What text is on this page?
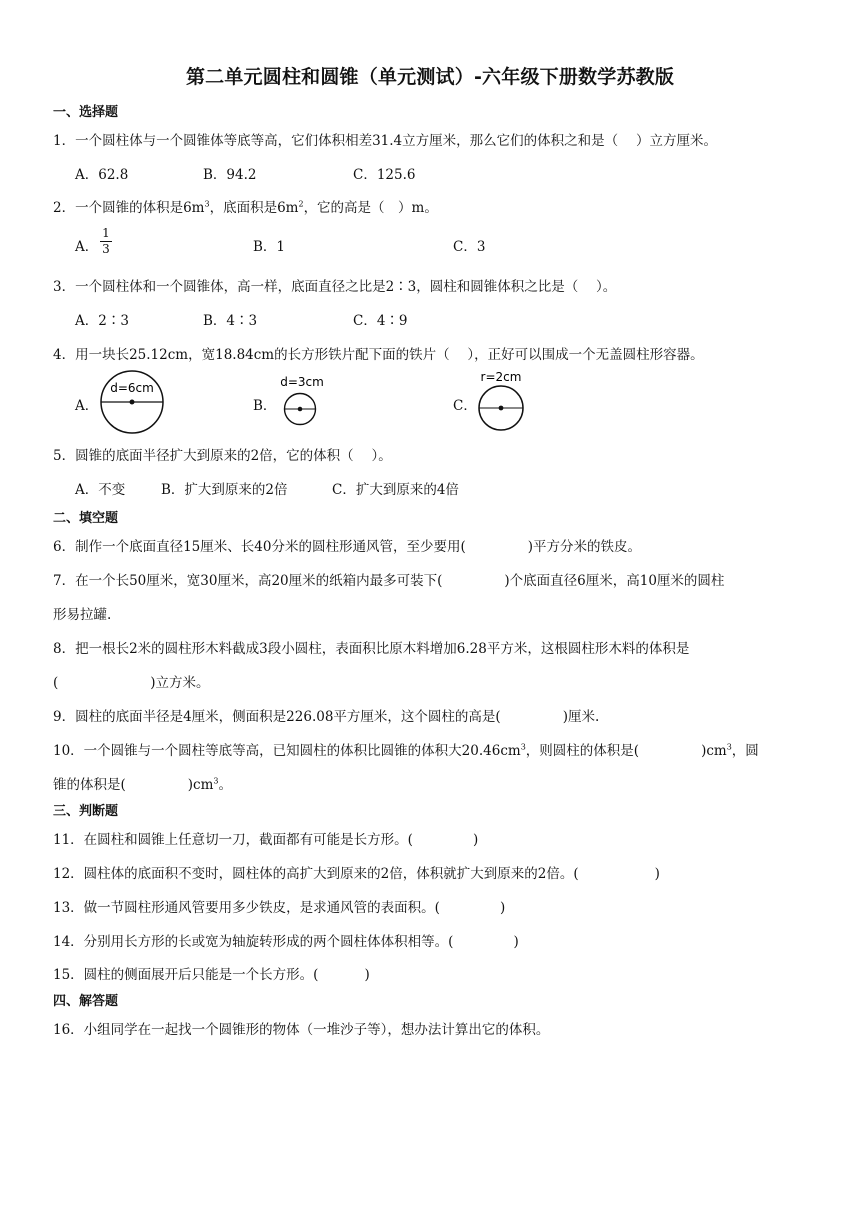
第二单元圆柱和圆锥（单元测试）-六年级下册数学苏教版
一、选择题
1．一个圆柱体与一个圆锥体等底等高，它们体积相差31.4立方厘米，那么它们的体积之和是（　 ）立方厘米。
A．62.8	B．94.2	C．125.6
2．一个圆锥的体积是$6m^3$，底面积是$6m^2$，它的高是（　）m。
A． $\frac{1}{3}$	B．1	C．3
3．一个圆柱体和一个圆锥体，高一样，底面直径之比是2∶3，圆柱和圆锥体积之比是（　 ）。
A．2∶3	B．4∶3	C．4∶9
4．用一块长25.12cm，宽18.84cm的长方形铁片配下面的铁片（　 ），正好可以围成一个无盖圆柱形容器。
A．
d=6cm
B．
d=3cm
C．
r=2cm
5．圆锥的底面半径扩大到原来的2倍，它的体积（　 ）。
A．不变	B．扩大到原来的2倍	C．扩大到原来的4倍
二、填空题
6．制作一个底面直径15厘米、长40分米的圆柱形通风管，至少要用(	)平方分米的铁皮。
7．在一个长50厘米，宽30厘米，高20厘米的纸箱内最多可装下(	)个底面直径6厘米，高10厘米的圆柱
形易拉罐.
8．把一根长2米的圆柱形木料截成3段小圆柱，表面积比原木料增加6.28平方米，这根圆柱形木料的体积是
(	)立方米。
9．圆柱的底面半径是4厘米，侧面积是226.08平方厘米，这个圆柱的高是(	)厘米.
10．一个圆锥与一个圆柱等底等高，已知圆柱的体积比圆锥的体积大$20.46cm^3$，则圆柱的体积是(	)$cm^3$，圆
锥的体积是(	)$cm^3$。
三、判断题
11．在圆柱和圆锥上任意切一刀，截面都有可能是长方形。(	)
12．圆柱体的底面积不变时，圆柱体的高扩大到原来的2倍，体积就扩大到原来的2倍。(	)
13．做一节圆柱形通风管要用多少铁皮，是求通风管的表面积。(	)
14．分别用长方形的长或宽为轴旋转形成的两个圆柱体体积相等。(	)
15．圆柱的侧面展开后只能是一个长方形。(	)
四、解答题
16．小组同学在一起找一个圆锥形的物体（一堆沙子等），想办法计算出它的体积。
